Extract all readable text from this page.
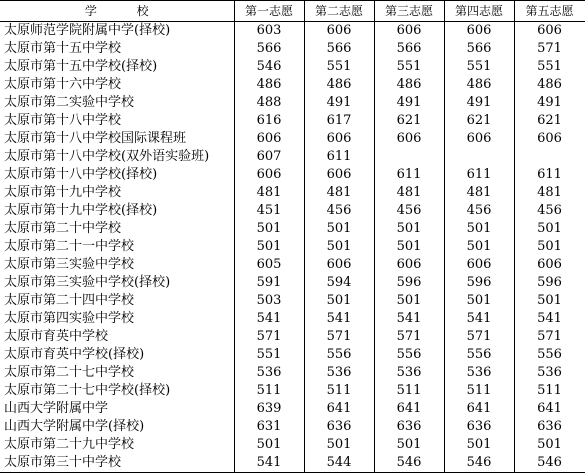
学 校	第一志愿	第二志愿	第三志愿	第四志愿	第五志愿
太原师范学院附属中学(择校)	603	606	606	606	606
太原市第十五中学校	566	566	566	566	571
太原市第十五中学校(择校)	546	551	551	551	551
太原市第十六中学校	486	486	486	486	486
太原市第二实验中学校	488	491	491	491	491
太原市第十八中学校	616	617	621	621	621
太原市第十八中学校国际课程班	606	606	606	606	606
太原市第十八中学校(双外语实验班)	607	611			
太原市第十八中学校(择校)	606	606	611	611	611
太原市第十九中学校	481	481	481	481	481
太原市第十九中学校(择校)	451	456	456	456	456
太原市第二十中学校	501	501	501	501	501
太原市第二十一中学校	501	501	501	501	501
太原市第三实验中学校	605	606	606	606	606
太原市第三实验中学校(择校)	591	594	596	596	596
太原市第二十四中学校	503	501	501	501	501
太原市第四实验中学校	541	541	541	541	541
太原市育英中学校	571	571	571	571	571
太原市育英中学校(择校)	551	556	556	556	556
太原市第二十七中学校	536	536	536	536	536
太原市第二十七中学校(择校)	511	511	511	511	511
山西大学附属中学	639	641	641	641	641
山西大学附属中学(择校)	631	636	636	636	636
太原市第二十九中学校	501	501	501	501	501
太原市第三十中学校	541	544	546	546	546
